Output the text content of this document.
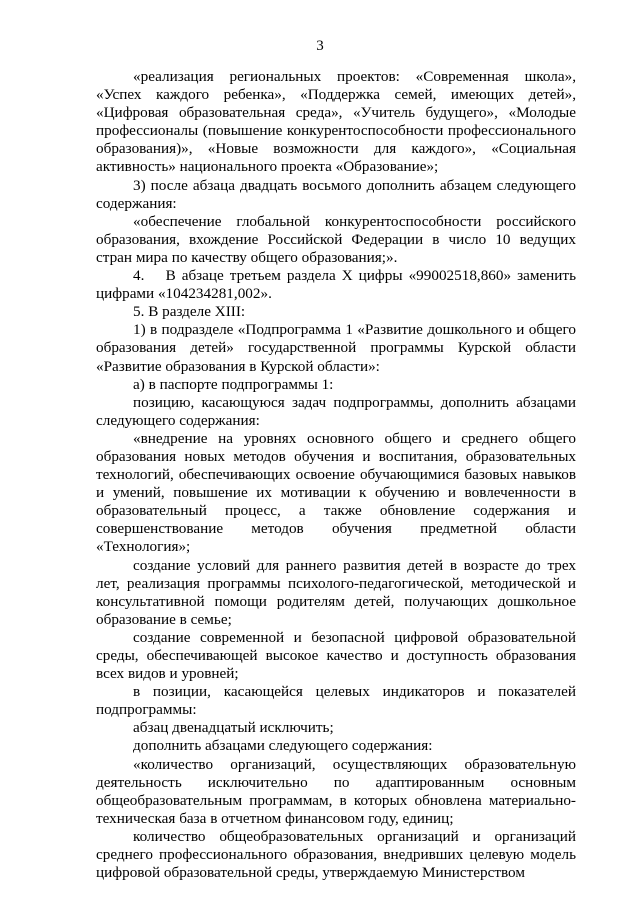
3

«реализация региональных проектов: «Современная школа», «Успех каждого ребенка», «Поддержка семей, имеющих детей», «Цифровая образовательная среда», «Учитель будущего», «Молодые профессионалы (повышение конкурентоспособности профессионального образования)», «Новые возможности для каждого», «Социальная активность» национального проекта «Образование»;

3) после абзаца двадцать восьмого дополнить абзацем следующего содержания:

«обеспечение глобальной конкурентоспособности российского образования, вхождение Российской Федерации в число 10 ведущих стран мира по качеству общего образования;».

4.  В абзаце третьем раздела X цифры «99002518,860» заменить цифрами «104234281,002».

5. В разделе XIII:

1) в подразделе «Подпрограмма 1 «Развитие дошкольного и общего образования детей» государственной программы Курской области «Развитие образования в Курской области»:

а) в паспорте подпрограммы 1:

позицию, касающуюся задач подпрограммы, дополнить абзацами следующего содержания:

«внедрение на уровнях основного общего и среднего общего образования новых методов обучения и воспитания, образовательных технологий, обеспечивающих освоение обучающимися базовых навыков и умений, повышение их мотивации к обучению и вовлеченности в образовательный процесс, а также обновление содержания и совершенствование методов обучения предметной области «Технология»;

создание условий для раннего развития детей в возрасте до трех лет, реализация программы психолого-педагогической, методической и консультативной помощи родителям детей, получающих дошкольное образование в семье;

создание современной и безопасной цифровой образовательной среды, обеспечивающей высокое качество и доступность образования всех видов и уровней;

в позиции, касающейся целевых индикаторов и показателей подпрограммы:

абзац двенадцатый исключить;

дополнить абзацами следующего содержания:

«количество организаций, осуществляющих образовательную деятельность исключительно по адаптированным основным общеобразовательным программам, в которых обновлена материально-техническая база в отчетном финансовом году, единиц;

количество общеобразовательных организаций и организаций среднего профессионального образования, внедривших целевую модель цифровой образовательной среды, утверждаемую Министерством
